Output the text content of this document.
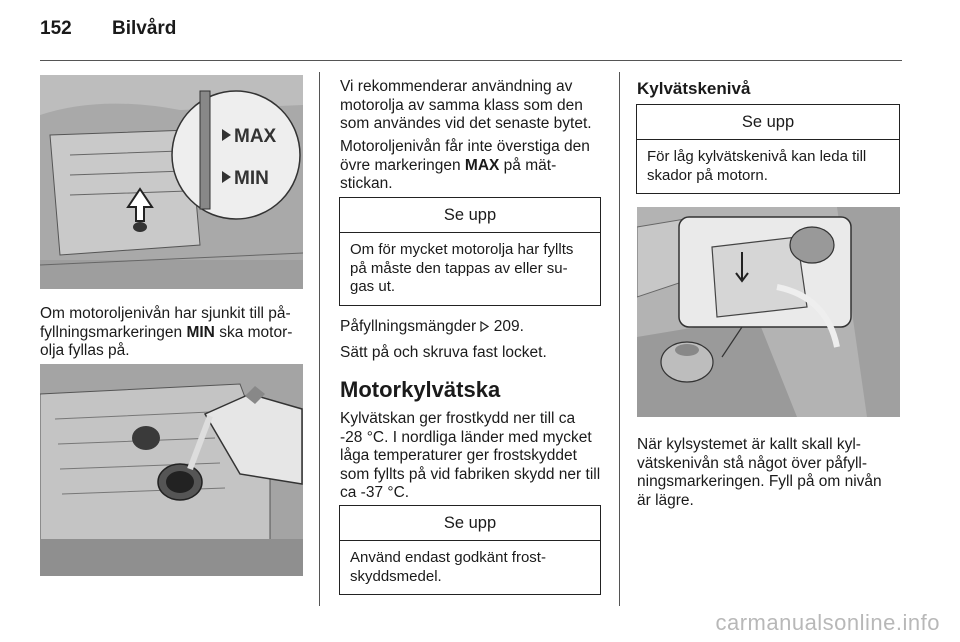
152 Bilvård
MAX
MIN

Om motoroljenivån har sjunkit till på-
fyllningsmarkeringen MIN ska motor-
olja fyllas på.

Vi rekommenderar användning av
motorolja av samma klass som den
som användes vid det senaste bytet.

Motoroljenivån får inte överstiga den
övre markeringen MAX på mät-
stickan.

Se upp
Om för mycket motorolja har fyllts
på måste den tappas av eller su-
gas ut.

Påfyllningsmängder  209.

Sätt på och skruva fast locket.

Motorkylvätska

Kylvätskan ger frostkydd ner till ca
-28 °C. I nordliga länder med mycket
låga temperaturer ger frostskyddet
som fyllts på vid fabriken skydd ner till
ca -37 °C.

Se upp
Använd endast godkänt frost-
skyddsmedel.
Kylvätskenivå
Se upp
För låg kylvätskenivå kan leda till
skador på motorn.

När kylsystemet är kallt skall kyl-
vätskenivån stå något över påfyll-
ningsmarkeringen. Fyll på om nivån
är lägre.

carmanualsonline.info
